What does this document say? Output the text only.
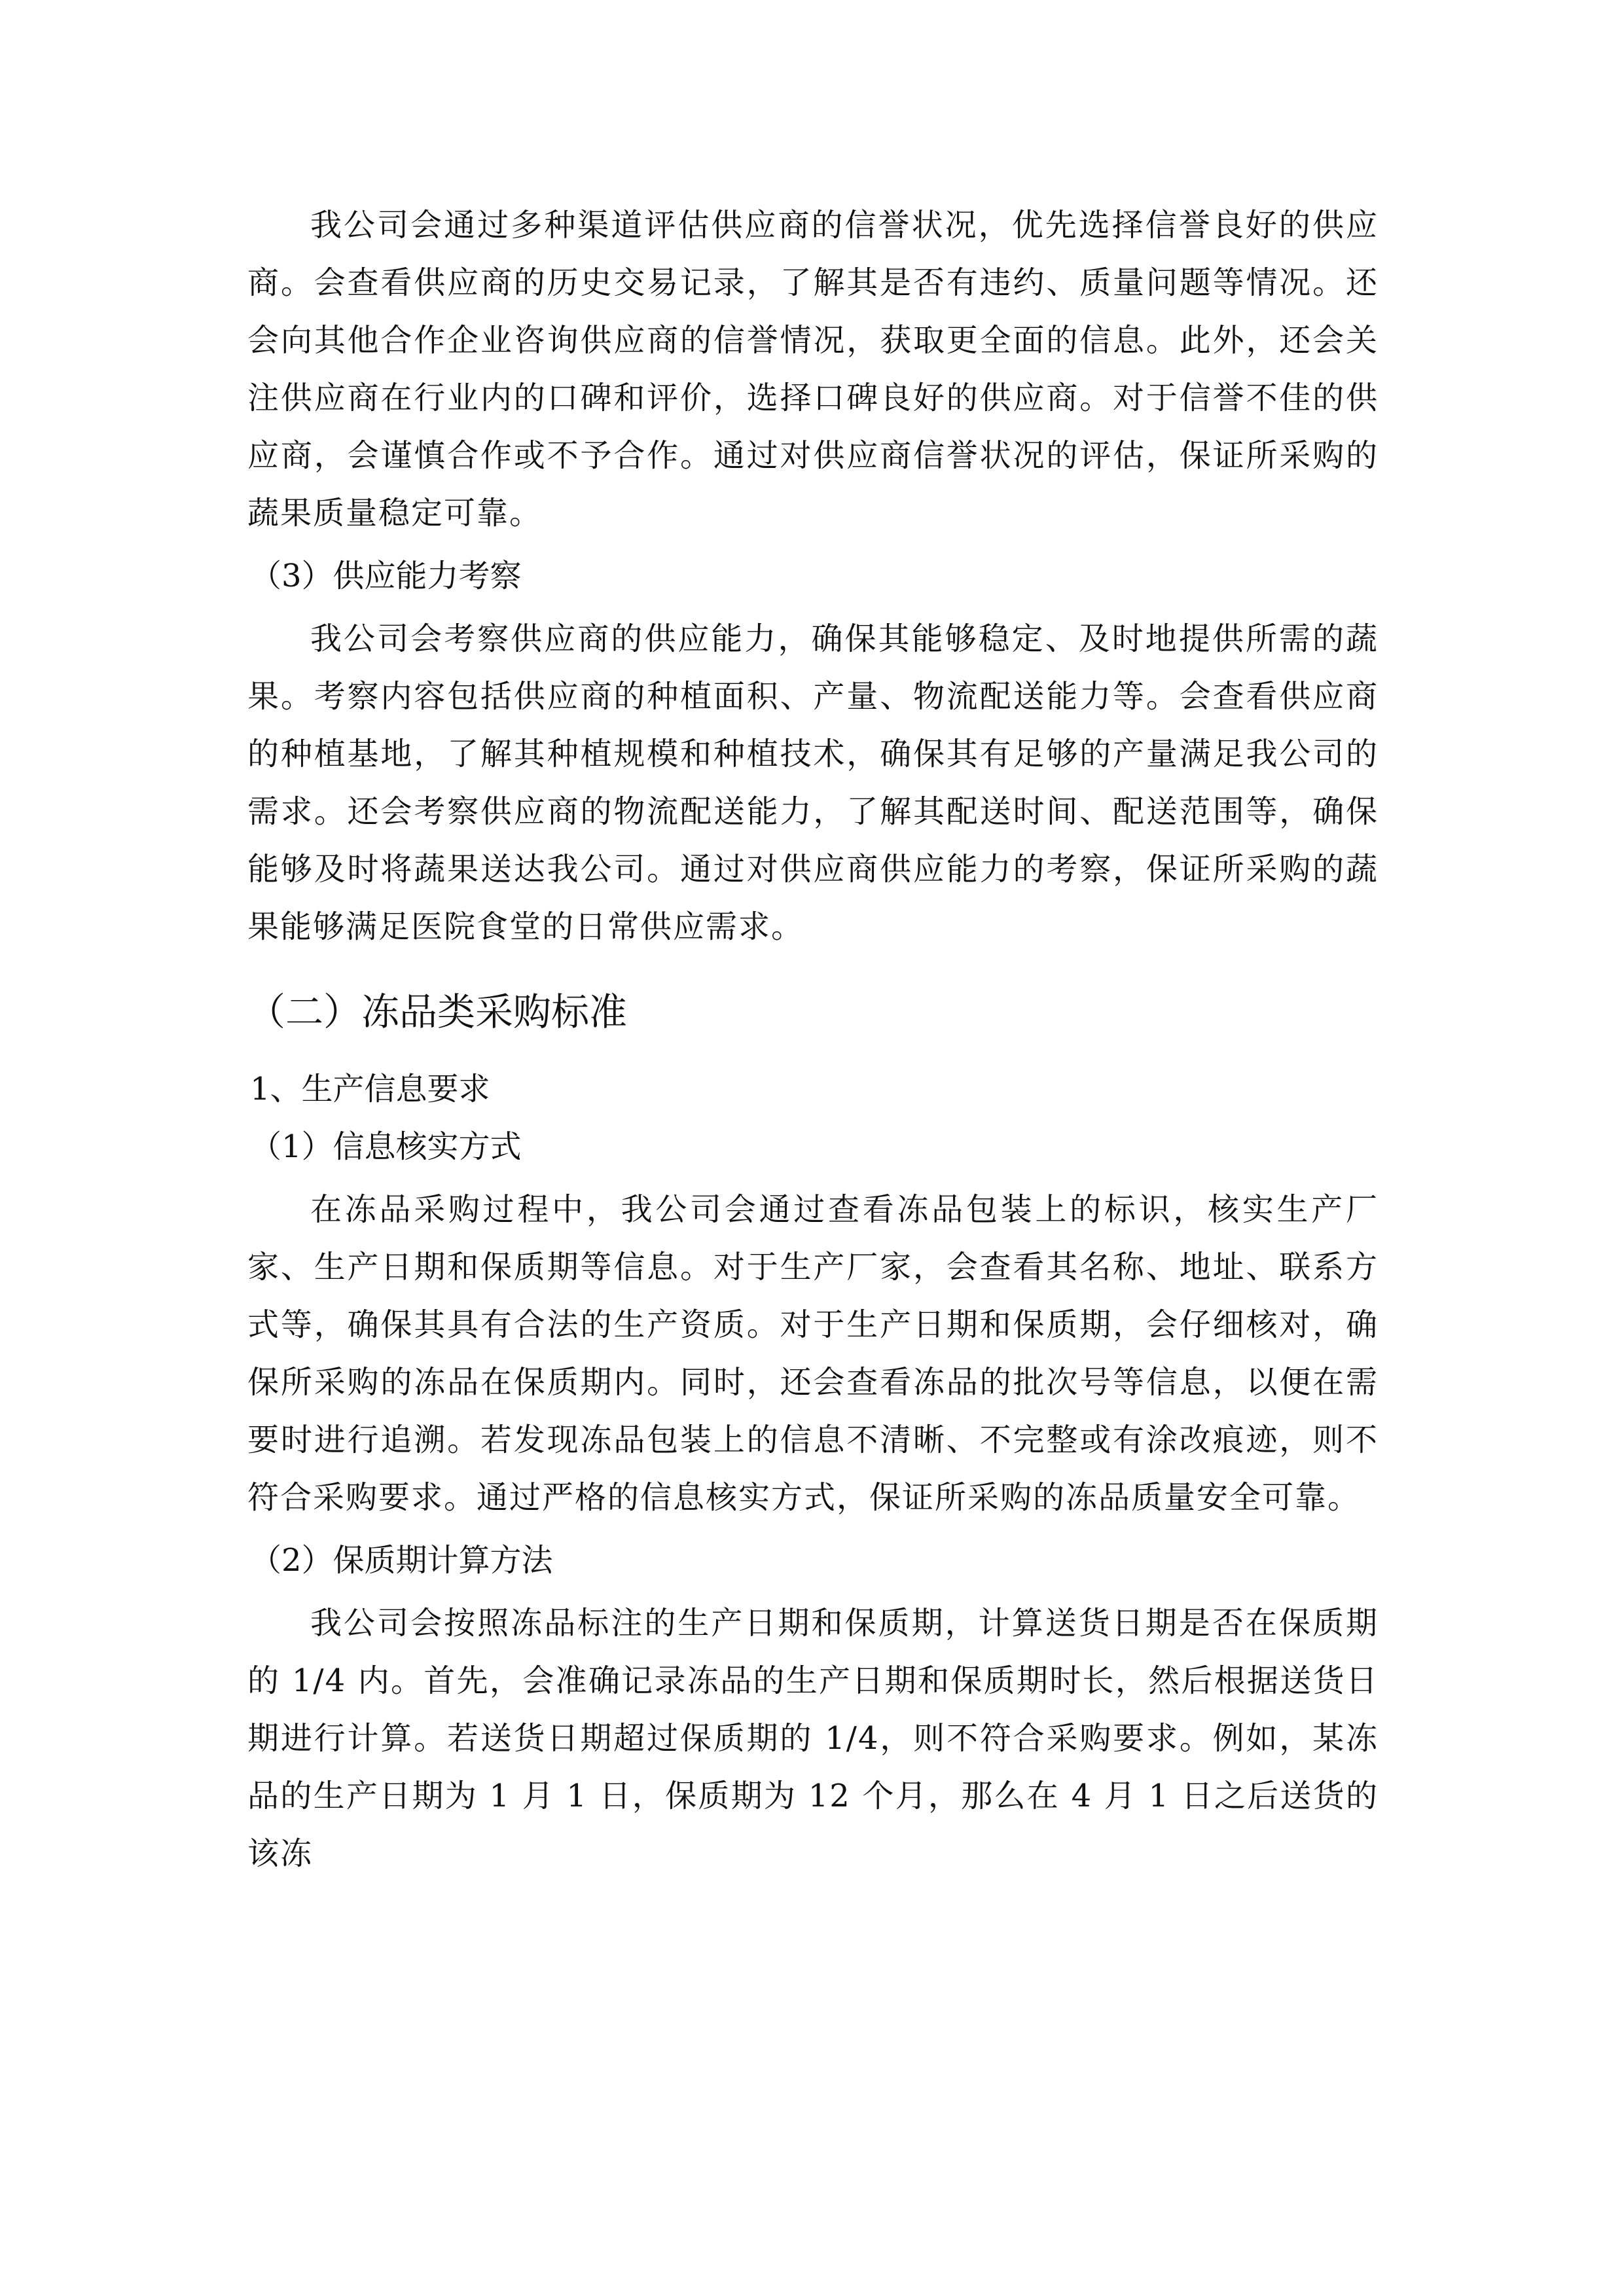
我公司会通过多种渠道评估供应商的信誉状况，优先选择信誉良好的供应商。会查看供应商的历史交易记录，了解其是否有违约、质量问题等情况。还会向其他合作企业咨询供应商的信誉情况，获取更全面的信息。此外，还会关注供应商在行业内的口碑和评价，选择口碑良好的供应商。对于信誉不佳的供应商，会谨慎合作或不予合作。通过对供应商信誉状况的评估，保证所采购的蔬果质量稳定可靠。

（3）供应能力考察

我公司会考察供应商的供应能力，确保其能够稳定、及时地提供所需的蔬果。考察内容包括供应商的种植面积、产量、物流配送能力等。会查看供应商的种植基地，了解其种植规模和种植技术，确保其有足够的产量满足我公司的需求。还会考察供应商的物流配送能力，了解其配送时间、配送范围等，确保能够及时将蔬果送达我公司。通过对供应商供应能力的考察，保证所采购的蔬果能够满足医院食堂的日常供应需求。

（二）冻品类采购标准

1、生产信息要求

（1）信息核实方式

在冻品采购过程中，我公司会通过查看冻品包装上的标识，核实生产厂家、生产日期和保质期等信息。对于生产厂家，会查看其名称、地址、联系方式等，确保其具有合法的生产资质。对于生产日期和保质期，会仔细核对，确保所采购的冻品在保质期内。同时，还会查看冻品的批次号等信息，以便在需要时进行追溯。若发现冻品包装上的信息不清晰、不完整或有涂改痕迹，则不符合采购要求。通过严格的信息核实方式，保证所采购的冻品质量安全可靠。

（2）保质期计算方法

我公司会按照冻品标注的生产日期和保质期，计算送货日期是否在保质期的 1/4 内。首先，会准确记录冻品的生产日期和保质期时长，然后根据送货日期进行计算。若送货日期超过保质期的 1/4，则不符合采购要求。例如，某冻品的生产日期为 1 月 1 日，保质期为 12 个月，那么在 4 月 1 日之后送货的该冻
